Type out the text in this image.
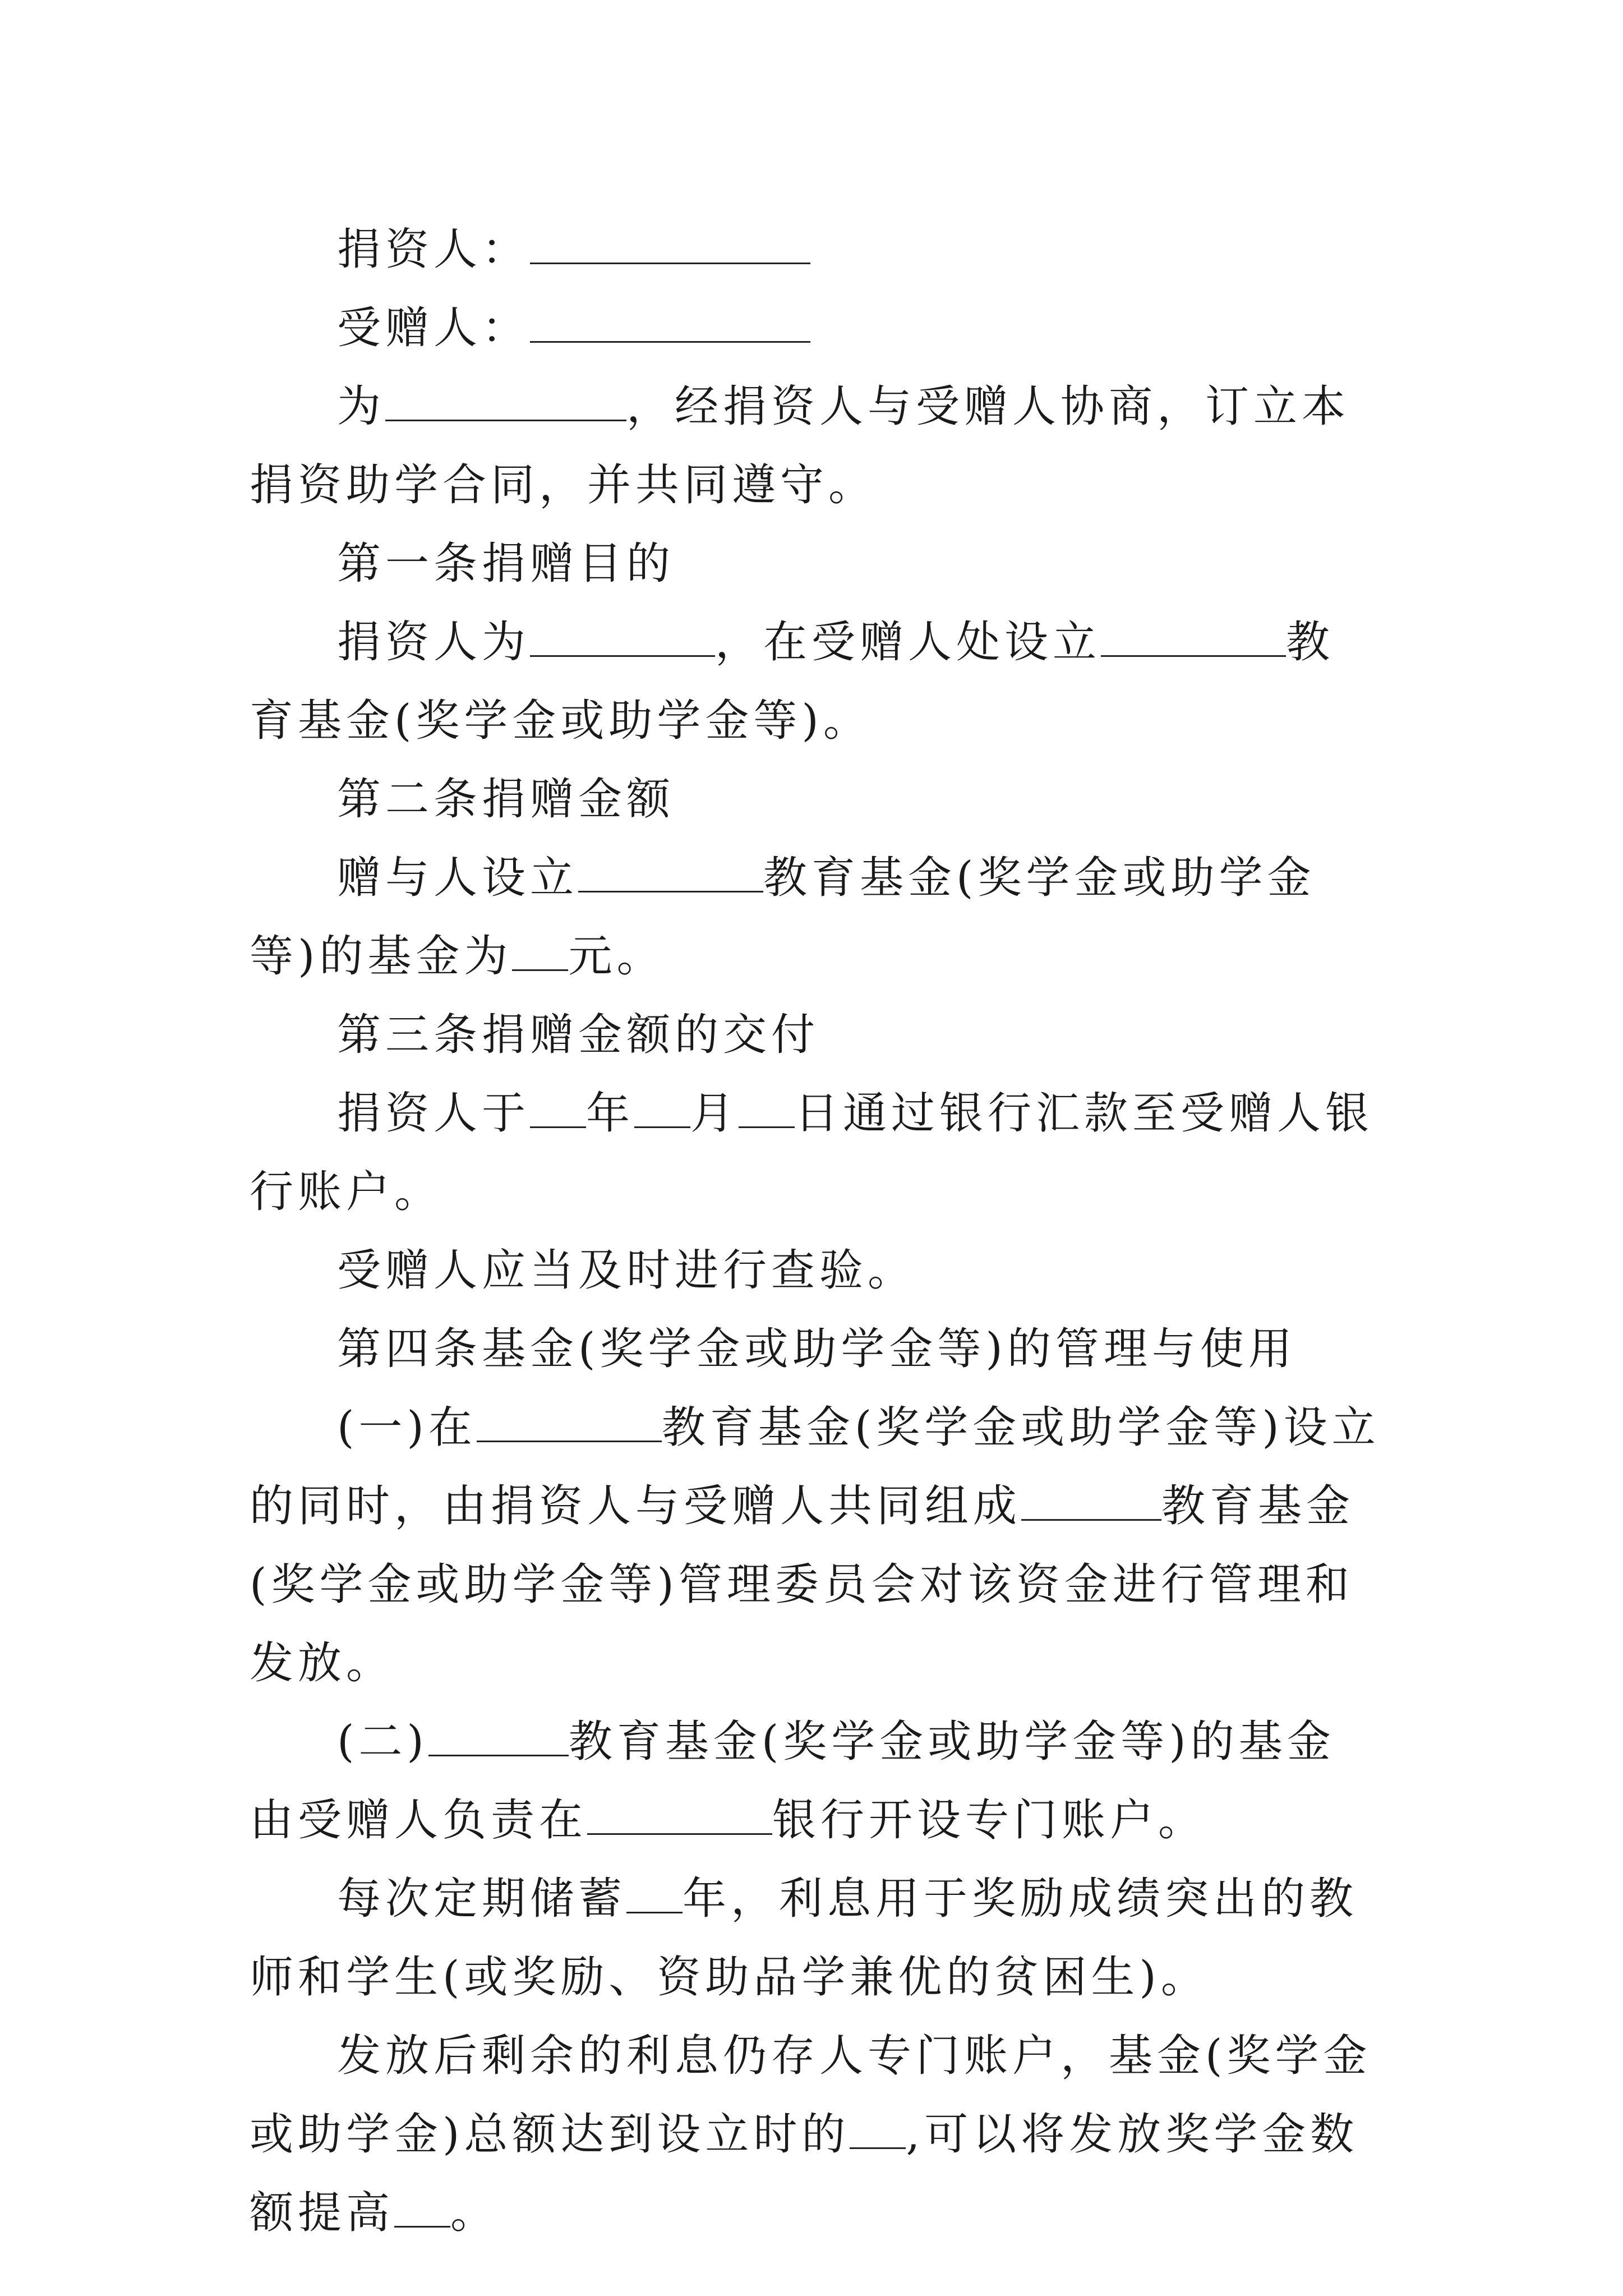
捐资人：
受赠人：
为	，经捐资人与受赠人协商，订立本捐资助学合同，并共同遵守。
第一条捐赠目的
捐资人为	，在受赠人处设立	教育基金(奖学金或助学金等)。
第二条捐赠金额
赠与人设立	教育基金(奖学金或助学金等)的基金为 元。
第三条捐赠金额的交付
捐资人于 年 月 日通过银行汇款至受赠人银行账户。
受赠人应当及时进行查验。
第四条基金(奖学金或助学金等)的管理与使用
(一)在	教育基金(奖学金或助学金等)设立的同时，由捐资人与受赠人共同组成	教育基金(奖学金或助学金等)管理委员会对该资金进行管理和发放。
(二)	教育基金(奖学金或助学金等)的基金由受赠人负责在	银行开设专门账户。
每次定期储蓄 年，利息用于奖励成绩突出的教师和学生(或奖励、资助品学兼优的贫困生)。
发放后剩余的利息仍存人专门账户，基金(奖学金或助学金)总额达到设立时的 ,可以将发放奖学金数额提高 。
